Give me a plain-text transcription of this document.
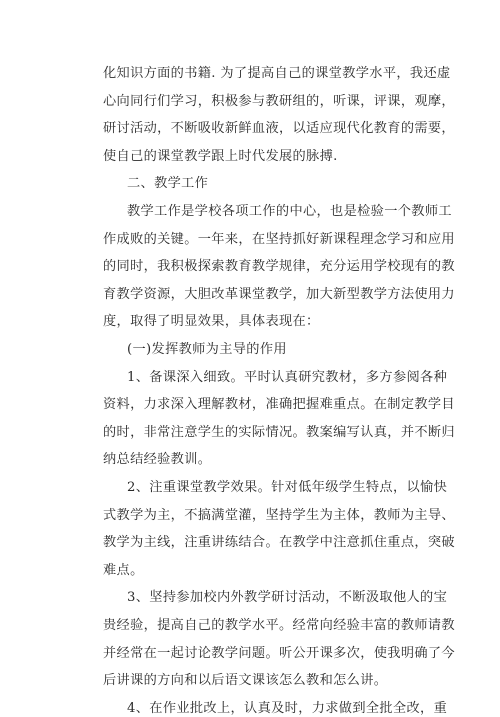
化知识方面的书籍. 为了提高自己的课堂教学水平，我还虚
心向同行们学习，积极参与教研组的，听课，评课，观摩，
研讨活动，不断吸收新鲜血液，以适应现代化教育的需要，
使自己的课堂教学跟上时代发展的脉搏.
二、教学工作
教学工作是学校各项工作的中心，也是检验一个教师工
作成败的关键。一年来，在坚持抓好新课程理念学习和应用
的同时，我积极探索教育教学规律，充分运用学校现有的教
育教学资源，大胆改革课堂教学，加大新型教学方法使用力
度，取得了明显效果，具体表现在：
(一)发挥教师为主导的作用
1、备课深入细致。平时认真研究教材，多方参阅各种
资料，力求深入理解教材，准确把握难重点。在制定教学目
的时，非常注意学生的实际情况。教案编写认真，并不断归
纳总结经验教训。
2、注重课堂教学效果。针对低年级学生特点，以愉快
式教学为主，不搞满堂灌，坚持学生为主体，教师为主导、
教学为主线，注重讲练结合。在教学中注意抓住重点，突破
难点。
3、坚持参加校内外教学研讨活动，不断汲取他人的宝
贵经验，提高自己的教学水平。经常向经验丰富的教师请教
并经常在一起讨论教学问题。听公开课多次，使我明确了今
后讲课的方向和以后语文课该怎么教和怎么讲。
4、在作业批改上，认真及时，力求做到全批全改，重
